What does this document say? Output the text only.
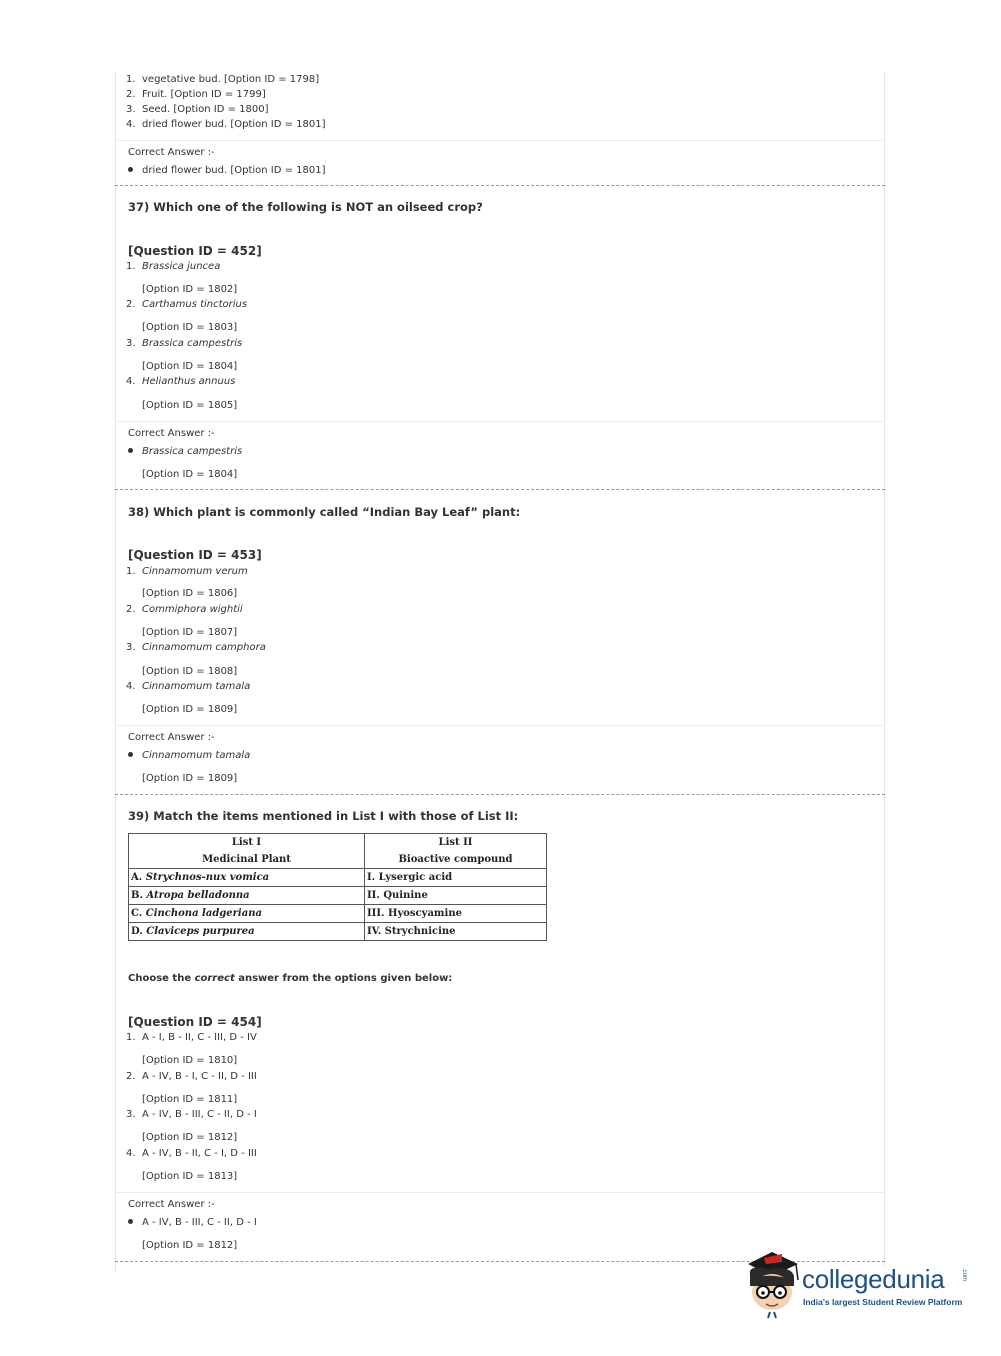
1. vegetative bud. [Option ID = 1798]
2. Fruit. [Option ID = 1799]
3. Seed. [Option ID = 1800]
4. dried flower bud. [Option ID = 1801]
Correct Answer :-
dried flower bud. [Option ID = 1801]
37) Which one of the following is NOT an oilseed crop?
[Question ID = 452]
1. Brassica juncea
[Option ID = 1802]
2. Carthamus tinctorius
[Option ID = 1803]
3. Brassica campestris
[Option ID = 1804]
4. Helianthus annuus
[Option ID = 1805]
Correct Answer :-
Brassica campestris
[Option ID = 1804]
38) Which plant is commonly called “Indian Bay Leaf” plant:
[Question ID = 453]
1. Cinnamomum verum
[Option ID = 1806]
2. Commiphora wightii
[Option ID = 1807]
3. Cinnamomum camphora
[Option ID = 1808]
4. Cinnamomum tamala
[Option ID = 1809]
Correct Answer :-
Cinnamomum tamala
[Option ID = 1809]
39) Match the items mentioned in List I with those of List II:
List I	List II
Medicinal Plant	Bioactive compound
A. Strychnos-nux vomica	I. Lysergic acid
B. Atropa belladonna	II. Quinine
C. Cinchona ladgeriana	III. Hyoscyamine
D. Claviceps purpurea	IV. Strychnicine
Choose the correct answer from the options given below:
[Question ID = 454]
1. A - I, B - II, C - III, D - IV
[Option ID = 1810]
2. A - IV, B - I, C - II, D - III
[Option ID = 1811]
3. A - IV, B - III, C - II, D - I
[Option ID = 1812]
4. A - IV, B - II, C - I, D - III
[Option ID = 1813]
Correct Answer :-
A - IV, B - III, C - II, D - I
[Option ID = 1812]
collegedunia	.com
India's largest Student Review Platform
